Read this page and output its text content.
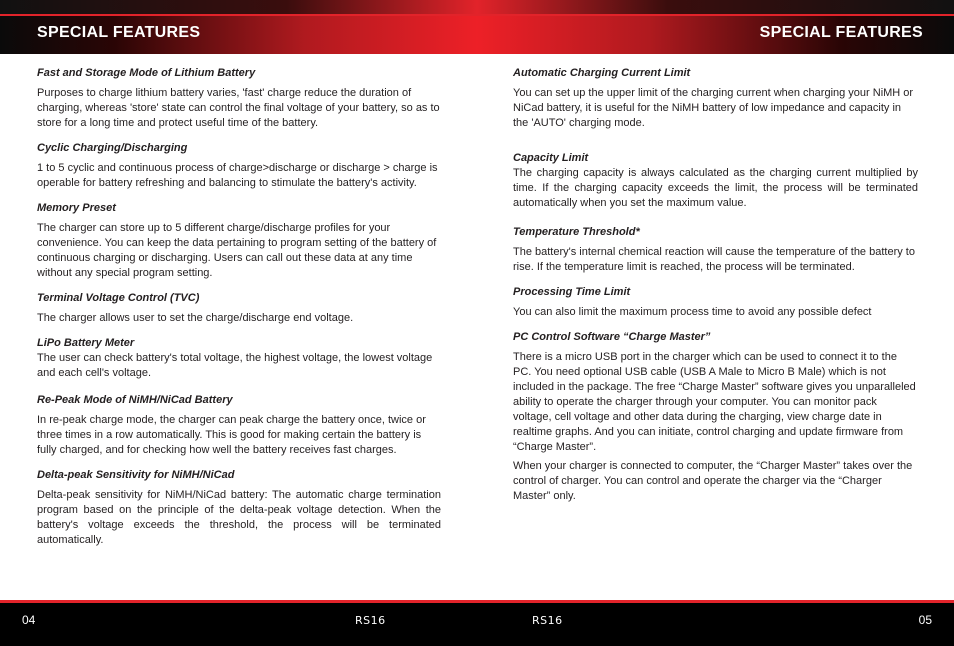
SPECIAL FEATURES	SPECIAL FEATURES

Fast and Storage Mode of Lithium Battery

Purposes to charge lithium battery varies, 'fast' charge reduce the duration of charging, whereas 'store' state can control the final voltage of your battery, so as to store for a long time and protect useful time of the battery.

Cyclic Charging/Discharging

1 to 5 cyclic and continuous process of charge>discharge or discharge > charge is operable for battery refreshing and balancing to stimulate the battery's activity.

Memory Preset

The charger can store up to 5 different charge/discharge profiles for your convenience. You can keep the data pertaining to program setting of the battery of continuous charging or discharging. Users can call out these data at any time without any special program setting.

Terminal Voltage Control (TVC)

The charger allows user to set the charge/discharge end voltage.

LiPo Battery Meter

The user can check battery's total voltage, the highest voltage, the lowest voltage and each cell's voltage.

Re-Peak Mode of NiMH/NiCad Battery

In re-peak charge mode, the charger can peak charge the battery once, twice or three times in a row automatically. This is good for making certain the battery is fully charged, and for checking how well the battery receives fast charges.

Delta-peak Sensitivity for NiMH/NiCad

Delta-peak sensitivity for NiMH/NiCad battery: The automatic charge termination program based on the principle of the delta-peak voltage detection. When the battery's voltage exceeds the threshold, the process will be terminated automatically.

Automatic Charging Current Limit

You can set up the upper limit of the charging current when charging your NiMH or NiCad battery, it is useful for the NiMH battery of low impedance and capacity in the 'AUTO' charging mode.

Capacity Limit

The charging capacity is always calculated as the charging current multiplied by time. If the charging capacity exceeds the limit, the process will be terminated automatically when you set the maximum value.

Temperature Threshold*

The battery's internal chemical reaction will cause the temperature of the battery to rise. If the temperature limit is reached, the process will be terminated.

Processing Time Limit

You can also limit the maximum process time to avoid any possible defect

PC Control Software “Charge Master”

There is a micro USB port in the charger which can be used to connect it to the PC. You need optional USB cable (USB A Male to Micro B Male) which is not included in the package. The free “Charge Master” software gives you unparalleled ability to operate the charger through your computer. You can monitor pack voltage, cell voltage and other data during the charging, view charge date in realtime graphs. And you can initiate, control charging and update firmware from “Charge Master”.

When your charger is connected to computer, the “Charger Master” takes over the control of charger. You can control and operate the charger via the “Charger Master” only.

04	RS16	RS16	05
